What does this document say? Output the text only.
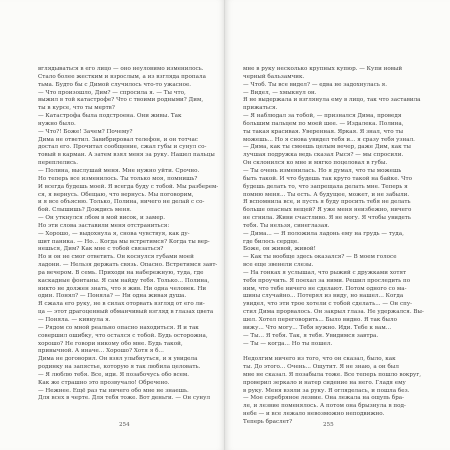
вглядываться в его лицо — оно неуловимо изменилось.
Стало более жестким и взрослым, а из взгляда пропала
тьма. Будто бы с Димой случилось что-то ужасное.
— Что произошло, Дим? — спросила я. — Ты что,
выжил в той катастрофе? Что с твоими родными? Дим,
ты в курсе, что ты мертв?
— Катастрофа была подстроена. Они живы. Так
нужно было.
— Что?! Боже! Зачем? Почему?
Дима не ответил. Завибрировал телефон, и он тотчас
достал его. Прочитал сообщение, сжал губы и сунул со-
товый в карман. А затем взял меня за руку. Нашел пальцы
переплелись.
— Полина, выслушай меня. Мне нужно уйти. Срочно.
Но теперь все изменилось. Ты только моя, помнишь?
И всегда будешь моей. Я всегда буду с тобой. Мы разберем-
ся, я вернусь. Обещаю, что вернусь. Мы поговорим,
и я все объясню. Только, Полина, ничего не делай с со-
бой. Слышишь? Дождись меня.
— Он уткнулся лбом в мой висок, и замер.
Но эти слова заставили меня отстраниться:
— Хорошо, — выдохнула я, снова чувствуя, как ду-
шит паника. — Но... Когда мы встретимся? Когда ты вер-
нешься, Дим? Как мне с тобой связаться?
Но и он не смог ответить. Он коснулся губами моей
ладони. — Нельзя держать связь. Опасно. Встретимся завт-
ра вечером. В семь. Приходи на набережную, туда, где
каскадные фонтаны. Я сам найду тебя. Только... Полина,
никто не должен знать, что я жив. Ни одна человек. Ни
один. Понял? — Поняла? — Ни одна живая душа.
Я сжала его руку, не в силах оторвать взгляд от его ли-
ца — этот драгоценный обманчивый взгляд в глазах цвета
— Поняла. — кивнула я.
— Рядом со мной реально опасно находиться. Я и так
совершил ошибку, что остался с тобой. Будь осторожна,
хорошо? Не говори никому обо мне. Будь такой,
привычной. А иначе... Хорошо? Хотя я б...
Дима не договорил. Он взял улыбнуться, и я увидела
родинку на запястье, которую я так любила целовать.
— Я люблю тебя. Все, иди. Я позабочусь обо всем.
Как же страшно это прозвучало! Обречено.
— Нежнее. Ещё раз ты ничего обо мне не знаешь.
Для всех в черте. Для тебя тоже. Вот деньги. — Он сунул
254
мне в руку несколько крупных купюр. — Купи новый
черный бальзамчик.
— Чтоб. Ты все видел? — едва не задохнулась я.
— Видел, — хмыкнул он.
Я не выдержала и взглянула ему в лицо, так что заставила
прижаться.
— Я наблюдал за тобой, — признался Дима, проведя
большим пальцем по моей шее. — Издалека. Полина,
ты такая красивая. Уверенная. Яркая. Я знал, что ты
можешь... Но я снова увидел тебя и... я сразу тебя узнал.
— Дима, как ты смеешь целым вечер, даже Дим, как ты
лучшая подружка ведь сказал Рыся? — мы спросили.
Он склонился ко мне и мягко поцеловал в губы.
— Ты очень изменилась. Но я думал, что ты можешь
быть такой. И что будешь так круто такой на байке. Что
будешь делать то, что запрещала делать мне. Теперь я
помню меня... Ты есть. А будущее, может, и не забыли.
Я вспомнила все, и пусть я буду просить тебя не делать
больше опасных вещей? Я уже меня неизбежно, ничего
не сгнила. Живи счастливо. Я не могу. Я чтобы увидеть
тебя. Ты нельзя, синеглазая.
— Дима... — Я положила ладонь ему на грудь — туда,
где билось сердце.
Боже, он живой, живой!
— Как ты вообще здесь оказался? — В моем голосе
все еще звенели слезы.
— На гонках я услышал, что рыжий с дружками хотят
тебя проучить. Я поехал за ними. Решил проследить по
ним, что тебе ничего не сделают. Потом одного со ма-
шины случайно... Потерял из виду, но нашел... Когда
увидел, что эти трое хотели с тобой сделать... — Он спу-
стил Дима прорвалось. Он закрыл глаза. Не удержался. Вы-
шел. Хотел переговорить... Было видно. Я так было
вижу... Что могу... Тебя нужно. Иди. Тебе к вам...
— Ты... Я тебя. Так, я тебя. Увидимся завтра.
— Ты — когда... Но ты пошел.
Недолгим ничего из того, что он сказал, было, как
ты. До этого... Очень... Ощутит. Я не знаю, а он был
мне не сказал. Я позабыла тоже. Все теперь пошло вокруг,
проверил зеркало и натер сидение на него. Гладя ему
в руку. Меня взяли за руку. Я огляделась, и пошла без.
— Мое серебряное лезвие. Она лежала на ощупь бра-
ле, и лезвие поменялось. А потом она брызнула в под-
небе — и все лежало невозможно неподвижно.
Теперь браслет?
255
